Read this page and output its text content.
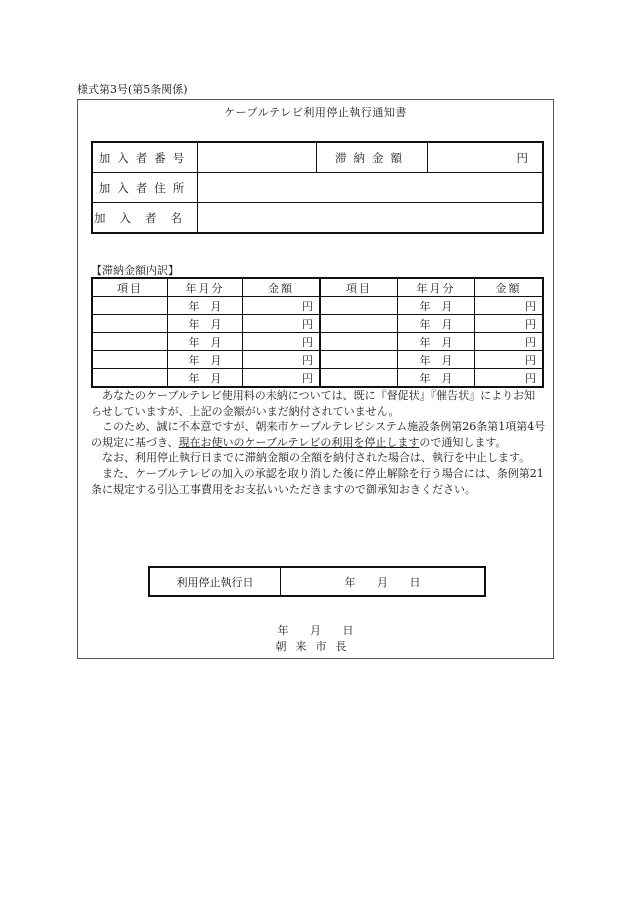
様式第3号(第5条関係)
ケーブルテレビ利用停止執行通知書
加入者番号		滞納金額	円
加入者住所			
加入者名			
【滞納金額内訳】
項目	年月分	金額	項目	年月分	金額
	年　月	円		年　月	円
	年　月	円		年　月	円
	年　月	円		年　月	円
	年　月	円		年　月	円
	年　月	円		年　月	円

あなたのケーブルテレビ使用料の未納については、既に『督促状』『催告状』によりお知らせしていますが、上記の金額がいまだ納付されていません。

このため、誠に不本意ですが、朝来市ケーブルテレビシステム施設条例第26条第1項第4号の規定に基づき、現在お使いのケーブルテレビの利用を停止しますので通知します。

なお、利用停止執行日までに滞納金額の全額を納付された場合は、執行を中止します。

また、ケーブルテレビの加入の承認を取り消した後に停止解除を行う場合には、条例第21条に規定する引込工事費用をお支払いいただきますので御承知おきください。

利用停止執行日	年 月 日
年 月 日
朝来市長
